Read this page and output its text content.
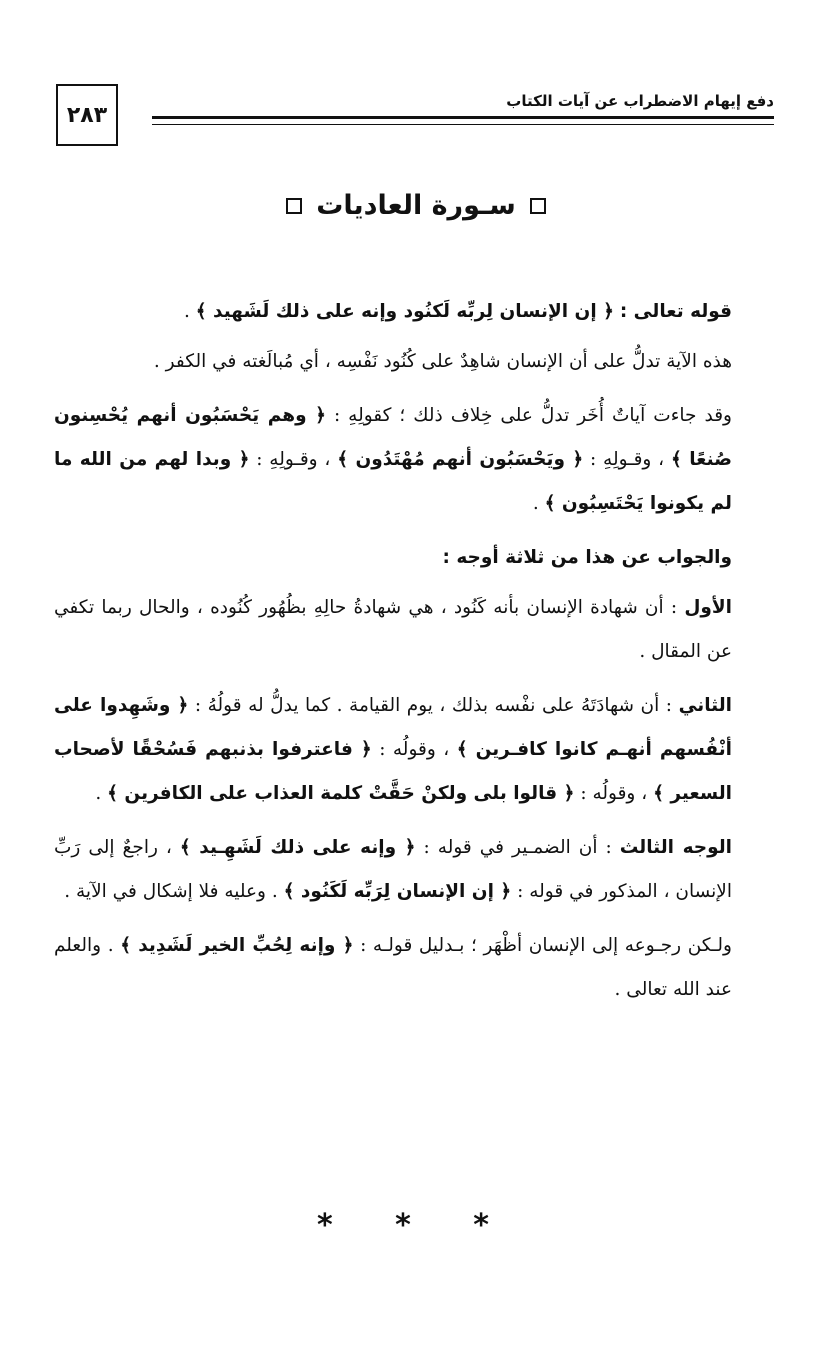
٢٨٣
دفع إيهام الاضطراب عن آيات الكتاب
سـورة العاديات

قوله تعالى : ﴿ إن الإنسان لِربِّه لَكنُود وإنه على ذلك لَشَهيد ﴾ .

هذه الآية تدلُّ على أن الإنسان شاهِدٌ على كُنُود نَفْسِه ، أي مُبالَغته في الكفر .

وقد جاءت آياتٌ أُخَر تدلُّ على خِلاف ذلك ؛ كقولِهِ : ﴿ وهم يَحْسَبُون أنهم يُحْسِنون صُنعًا ﴾ ، وقـولِهِ : ﴿ ويَحْسَبُون أنهم مُهْتَدُون ﴾ ، وقـولِهِ : ﴿ وبدا لهم من الله ما لم يكونوا يَحْتَسِبُون ﴾ .

والجواب عن هذا من ثلاثة أوجه :

الأول : أن شهادة الإنسان بأنه كَنُود ، هي شهادةُ حالِهِ بظُهُور كُنُوده ، والحال ربما تكفي عن المقال .

الثاني : أن شهادَتَهُ على نفْسه بذلك ، يوم القيامة . كما يدلُّ له قولُهُ : ﴿ وشَهِدوا على أنْفُسهم أنهـم كانوا كافـرين ﴾ ، وقولُه : ﴿ فاعترفوا بذنبهم فَسُحْقًا لأصحاب السعير ﴾ ، وقولُه : ﴿ قالوا بلى ولكنْ حَقَّتْ كلمة العذاب على الكافرين ﴾ .

الوجه الثالث : أن الضمـير في قوله : ﴿ وإنه على ذلك لَشَهِـيد ﴾ ، راجعٌ إلى رَبِّ الإنسان ، المذكور في قوله : ﴿ إن الإنسان لِرَبِّه لَكَنُود ﴾ . وعليه فلا إشكال في الآية .

ولـكن رجـوعه إلى الإنسان أظْهَر ؛ بـدليل قولـه : ﴿ وإنه لِحُبِّ الخير لَشَدِيد ﴾ . والعلم عند الله تعالى .

* * *
